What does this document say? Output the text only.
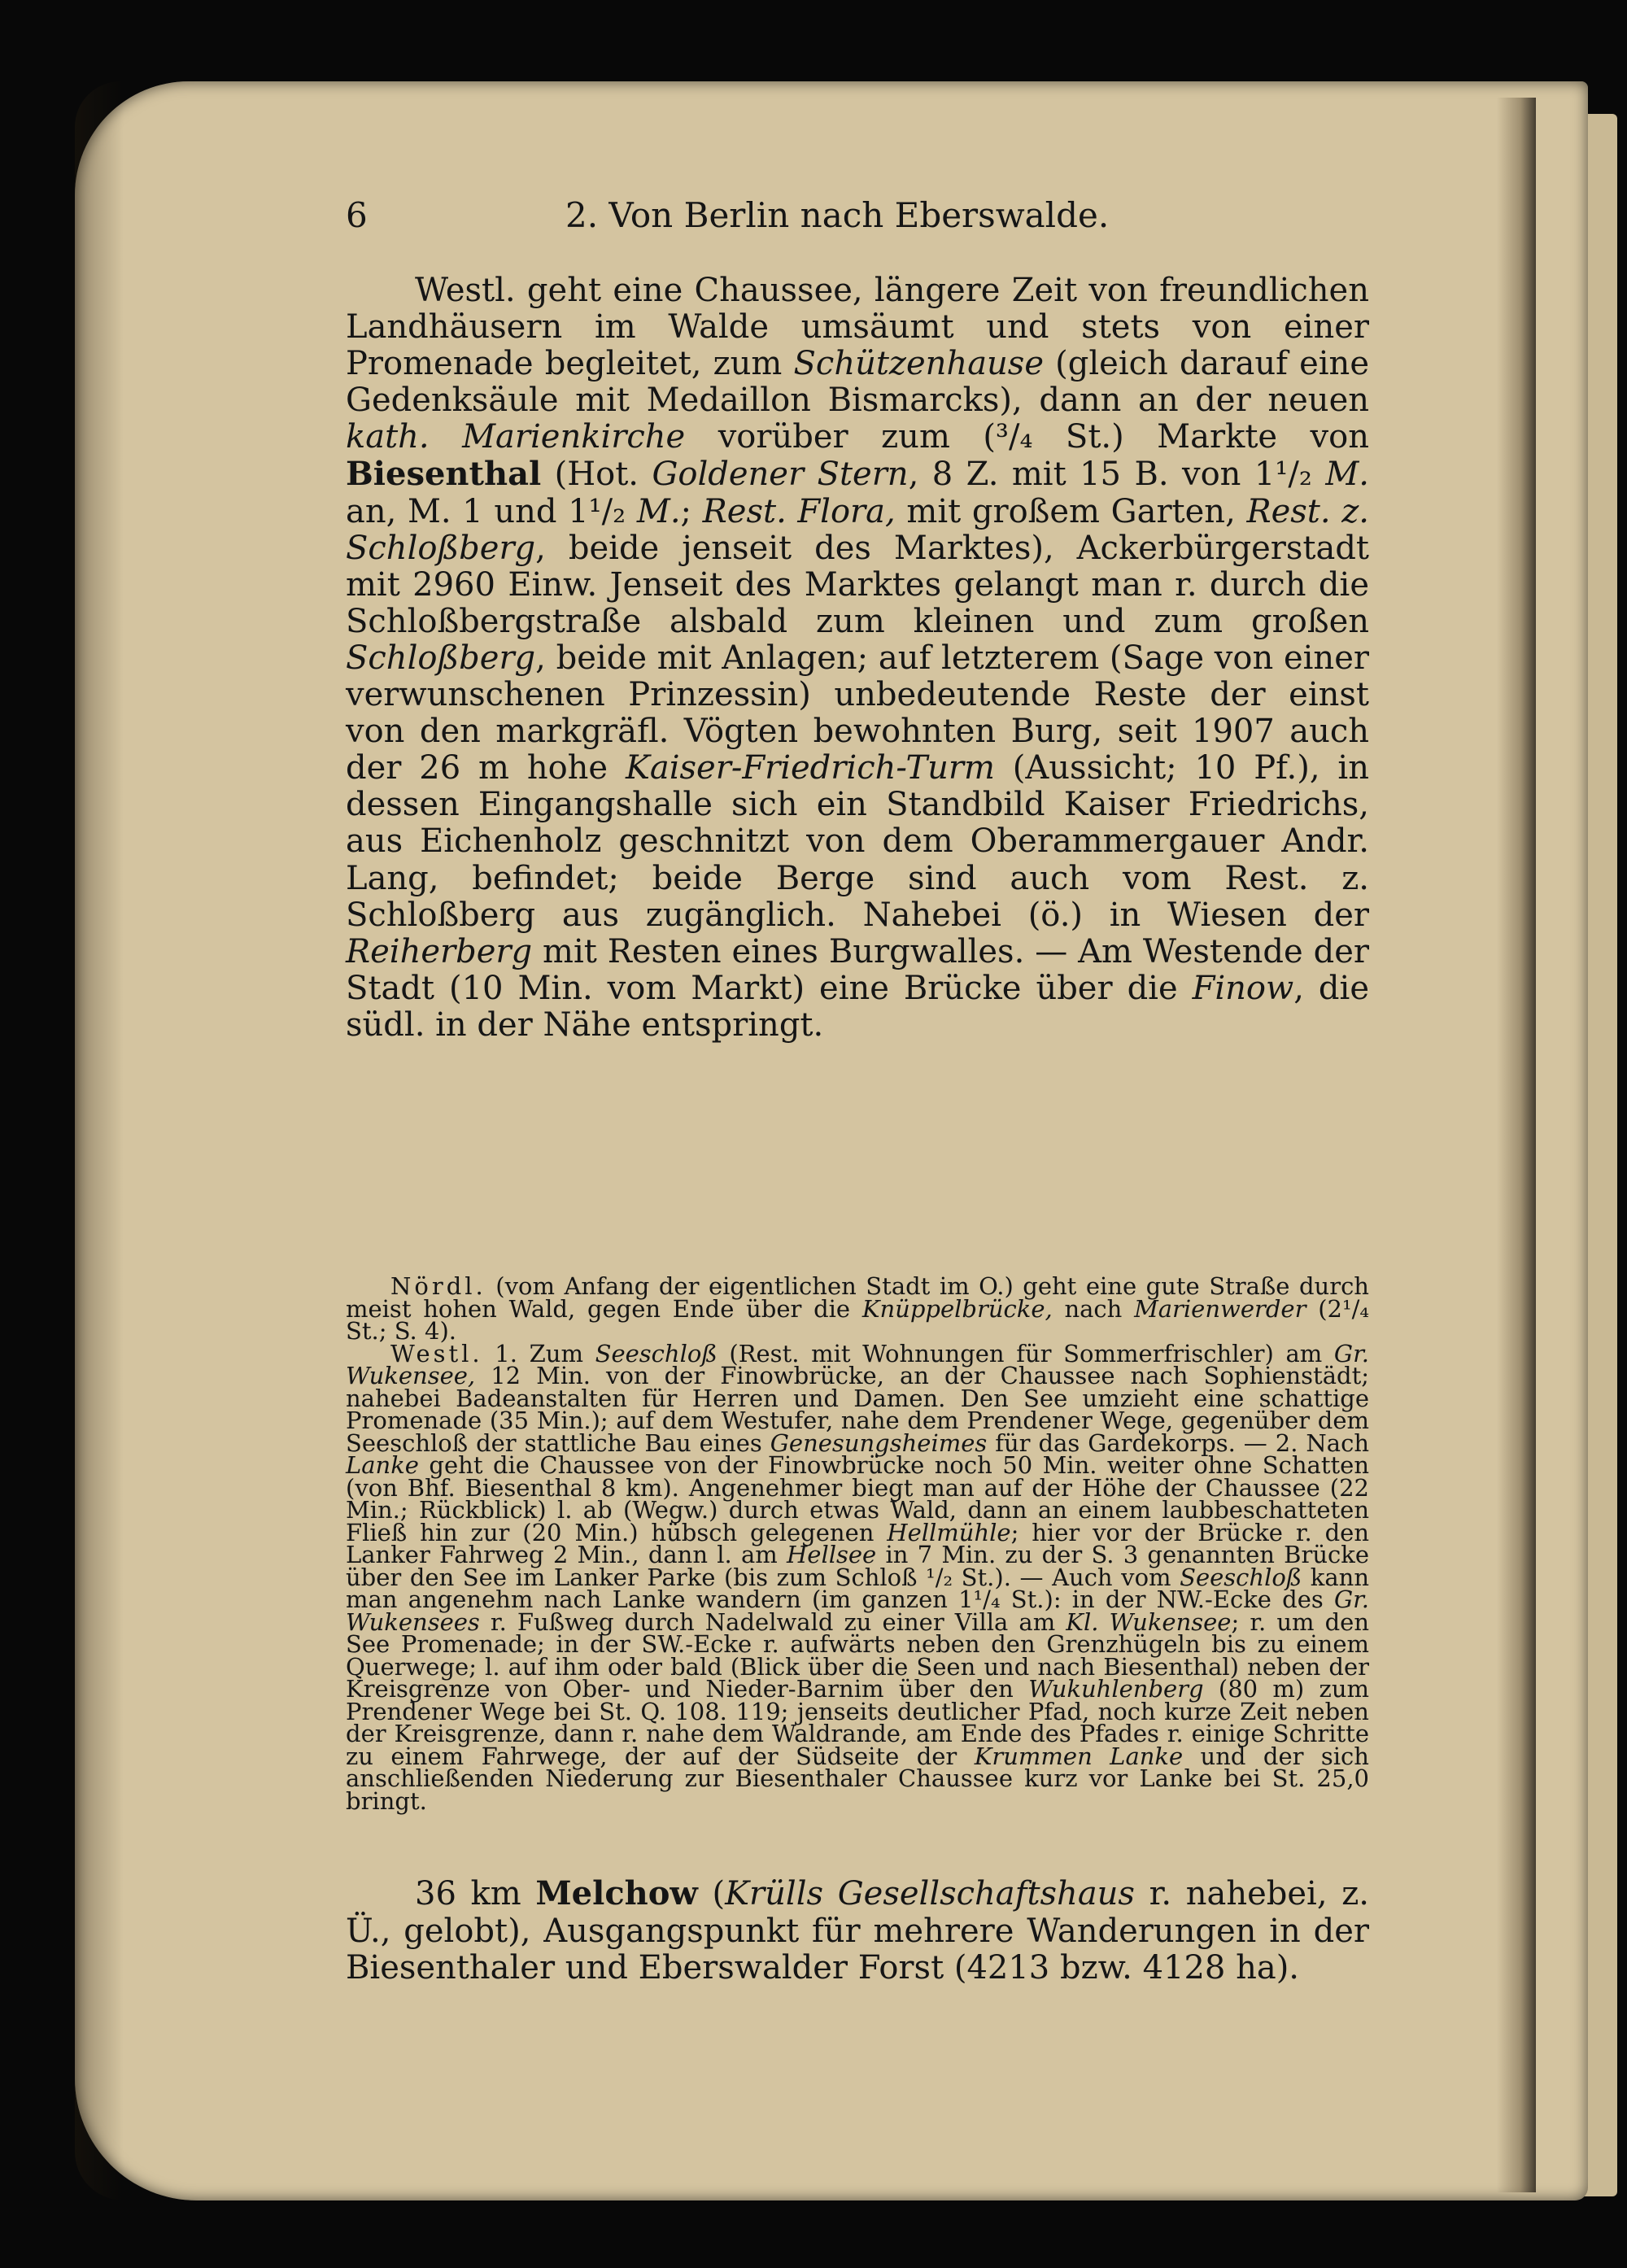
6	2. Von Berlin nach Eberswalde.

Westl. geht eine Chaussee, längere Zeit von freundlichen Landhäusern im Walde umsäumt und stets von einer Promenade begleitet, zum Schützenhause (gleich darauf eine Gedenksäule mit Medaillon Bismarcks), dann an der neuen kath. Marienkirche vorüber zum (³/₄ St.) Markte von Biesenthal (Hot. Goldener Stern, 8 Z. mit 15 B. von 1¹/₂ M. an, M. 1 und 1¹/₂ M.; Rest. Flora, mit großem Garten, Rest. z. Schloßberg, beide jenseit des Marktes), Ackerbürgerstadt mit 2960 Einw. Jenseit des Marktes gelangt man r. durch die Schloßbergstraße alsbald zum kleinen und zum großen Schloßberg, beide mit Anlagen; auf letzterem (Sage von einer verwunschenen Prinzessin) unbedeutende Reste der einst von den markgräfl. Vögten bewohnten Burg, seit 1907 auch der 26 m hohe Kaiser-Friedrich-Turm (Aussicht; 10 Pf.), in dessen Eingangshalle sich ein Standbild Kaiser Friedrichs, aus Eichenholz geschnitzt von dem Oberammergauer Andr. Lang, befindet; beide Berge sind auch vom Rest. z. Schloßberg aus zugänglich. Nahebei (ö.) in Wiesen der Reiherberg mit Resten eines Burgwalles. — Am Westende der Stadt (10 Min. vom Markt) eine Brücke über die Finow, die südl. in der Nähe entspringt.

Nördl. (vom Anfang der eigentlichen Stadt im O.) geht eine gute Straße durch meist hohen Wald, gegen Ende über die Knüppelbrücke, nach Marienwerder (2¹/₄ St.; S. 4).

Westl. 1. Zum Seeschloß (Rest. mit Wohnungen für Sommerfrischler) am Gr. Wukensee, 12 Min. von der Finowbrücke, an der Chaussee nach Sophienstädt; nahebei Badeanstalten für Herren und Damen. Den See umzieht eine schattige Promenade (35 Min.); auf dem Westufer, nahe dem Prendener Wege, gegenüber dem Seeschloß der stattliche Bau eines Genesungsheimes für das Gardekorps. — 2. Nach Lanke geht die Chaussee von der Finowbrücke noch 50 Min. weiter ohne Schatten (von Bhf. Biesenthal 8 km). Angenehmer biegt man auf der Höhe der Chaussee (22 Min.; Rückblick) l. ab (Wegw.) durch etwas Wald, dann an einem laubbeschatteten Fließ hin zur (20 Min.) hübsch gelegenen Hellmühle; hier vor der Brücke r. den Lanker Fahrweg 2 Min., dann l. am Hellsee in 7 Min. zu der S. 3 genannten Brücke über den See im Lanker Parke (bis zum Schloß ¹/₂ St.). — Auch vom Seeschloß kann man angenehm nach Lanke wandern (im ganzen 1¹/₄ St.): in der NW.-Ecke des Gr. Wukensees r. Fußweg durch Nadelwald zu einer Villa am Kl. Wukensee; r. um den See Promenade; in der SW.-Ecke r. aufwärts neben den Grenzhügeln bis zu einem Querwege; l. auf ihm oder bald (Blick über die Seen und nach Biesenthal) neben der Kreisgrenze von Ober- und Nieder-Barnim über den Wukuhlenberg (80 m) zum Prendener Wege bei St. Q. 108. 119; jenseits deutlicher Pfad, noch kurze Zeit neben der Kreisgrenze, dann r. nahe dem Waldrande, am Ende des Pfades r. einige Schritte zu einem Fahrwege, der auf der Südseite der Krummen Lanke und der sich anschließenden Niederung zur Biesenthaler Chaussee kurz vor Lanke bei St. 25,0 bringt.

36 km Melchow (Krülls Gesellschaftshaus r. nahebei, z. Ü., gelobt), Ausgangspunkt für mehrere Wanderungen in der Biesenthaler und Eberswalder Forst (4213 bzw. 4128 ha).
